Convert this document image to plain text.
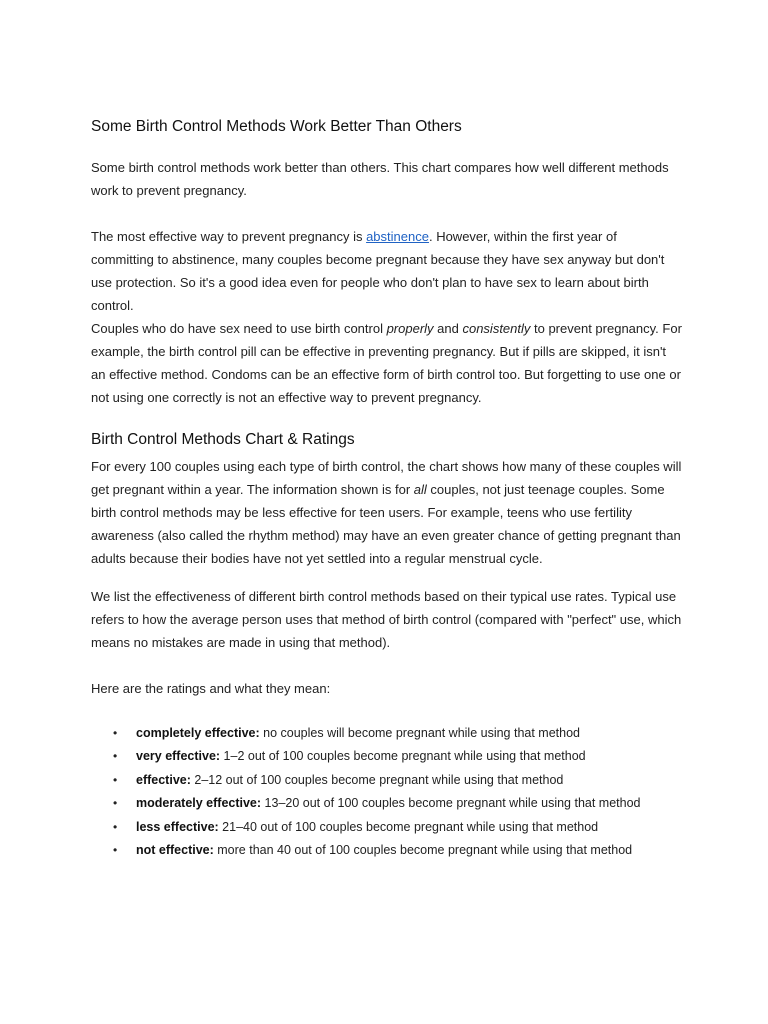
Some Birth Control Methods Work Better Than Others

Some birth control methods work better than others. This chart compares how well different methods work to prevent pregnancy.

The most effective way to prevent pregnancy is abstinence. However, within the first year of committing to abstinence, many couples become pregnant because they have sex anyway but don't use protection. So it's a good idea even for people who don't plan to have sex to learn about birth control.

Couples who do have sex need to use birth control properly and consistently to prevent pregnancy. For example, the birth control pill can be effective in preventing pregnancy. But if pills are skipped, it isn't an effective method. Condoms can be an effective form of birth control too. But forgetting to use one or not using one correctly is not an effective way to prevent pregnancy.

Birth Control Methods Chart & Ratings

For every 100 couples using each type of birth control, the chart shows how many of these couples will get pregnant within a year. The information shown is for all couples, not just teenage couples. Some birth control methods may be less effective for teen users. For example, teens who use fertility awareness (also called the rhythm method) may have an even greater chance of getting pregnant than adults because their bodies have not yet settled into a regular menstrual cycle.

We list the effectiveness of different birth control methods based on their typical use rates. Typical use refers to how the average person uses that method of birth control (compared with "perfect" use, which means no mistakes are made in using that method).

Here are the ratings and what they mean:

• completely effective: no couples will become pregnant while using that method
• very effective: 1–2 out of 100 couples become pregnant while using that method
• effective: 2–12 out of 100 couples become pregnant while using that method
• moderately effective: 13–20 out of 100 couples become pregnant while using that method
• less effective: 21–40 out of 100 couples become pregnant while using that method
• not effective: more than 40 out of 100 couples become pregnant while using that method
